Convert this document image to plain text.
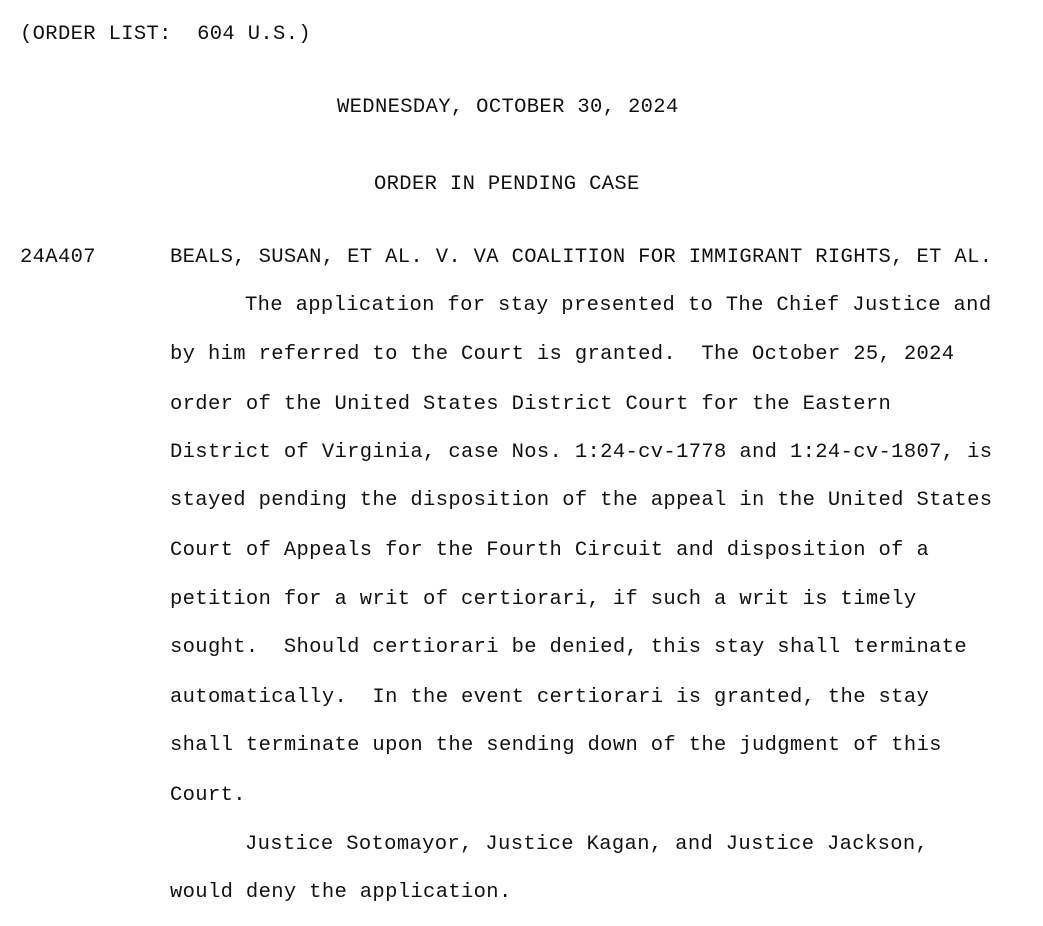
(ORDER LIST:  604 U.S.)
WEDNESDAY, OCTOBER 30, 2024
ORDER IN PENDING CASE
24A407	BEALS, SUSAN, ET AL. V. VA COALITION FOR IMMIGRANT RIGHTS, ET AL.
The application for stay presented to The Chief Justice and
by him referred to the Court is granted.  The October 25, 2024
order of the United States District Court for the Eastern
District of Virginia, case Nos. 1:24-cv-1778 and 1:24-cv-1807, is
stayed pending the disposition of the appeal in the United States
Court of Appeals for the Fourth Circuit and disposition of a
petition for a writ of certiorari, if such a writ is timely
sought.  Should certiorari be denied, this stay shall terminate
automatically.  In the event certiorari is granted, the stay
shall terminate upon the sending down of the judgment of this
Court.
Justice Sotomayor, Justice Kagan, and Justice Jackson,
would deny the application.
